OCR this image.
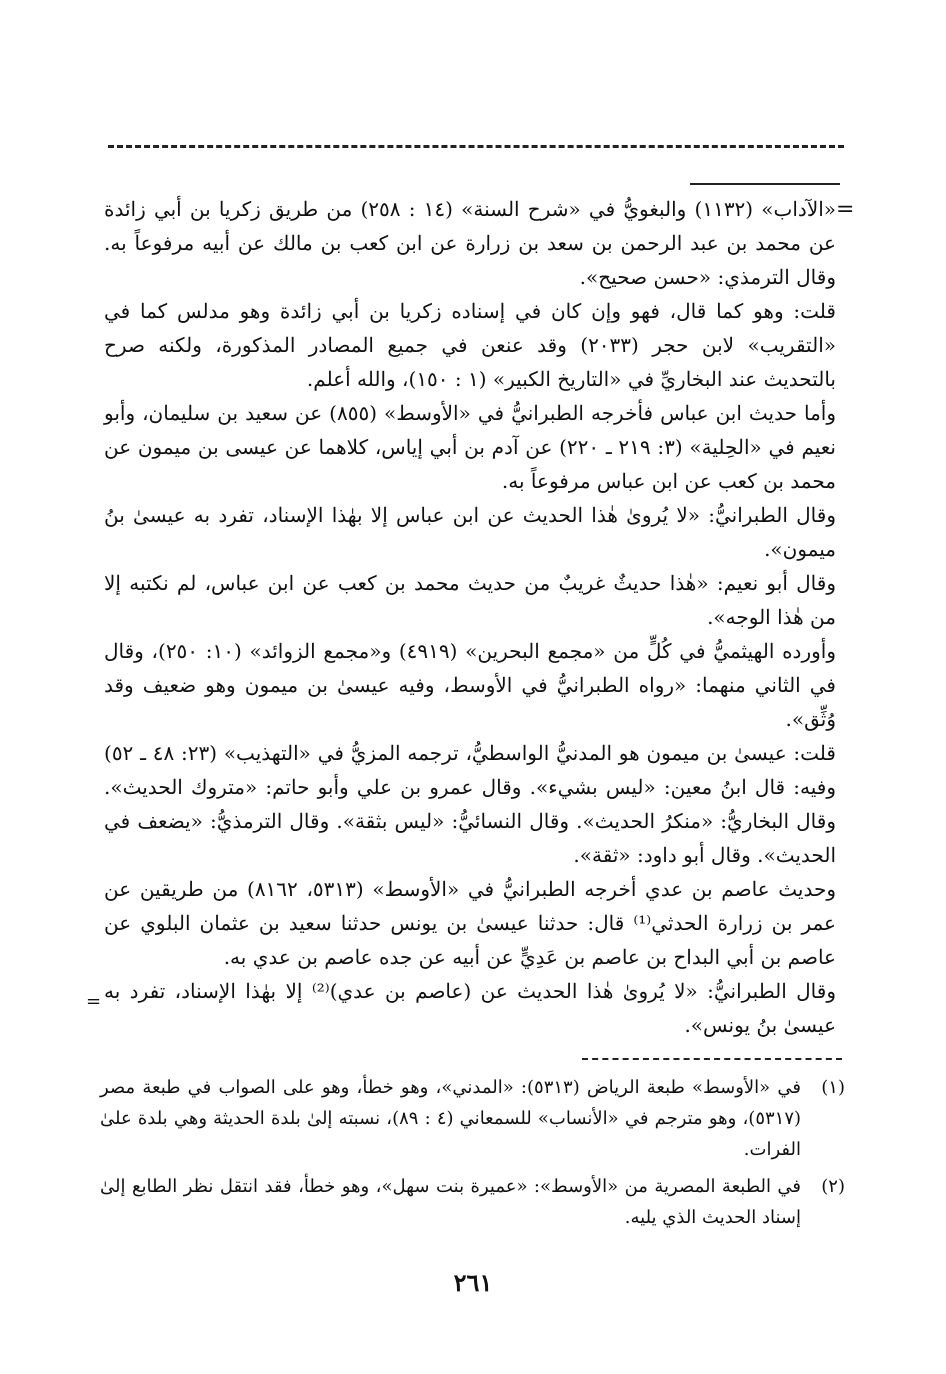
=
=

«الآداب» (١١٣٢) والبغويُّ في «شرح السنة» (١٤ : ٢٥٨) من طريق زكريا بن أبي زائدة عن محمد بن عبد الرحمن بن سعد بن زرارة عن ابن كعب بن مالك عن أبيه مرفوعاً به. وقال الترمذي: «حسن صحيح».

قلت: وهو كما قال، فهو وإن كان في إسناده زكريا بن أبي زائدة وهو مدلس كما في «التقريب» لابن حجر (٢٠٣٣) وقد عنعن في جميع المصادر المذكورة، ولكنه صرح بالتحديث عند البخاريِّ في «التاريخ الكبير» (١ : ١٥٠)، والله أعلم.

وأما حديث ابن عباس فأخرجه الطبرانيُّ في «الأوسط» (٨٥٥) عن سعيد بن سليمان، وأبو نعيم في «الحِلية» (٣: ٢١٩ ـ ٢٢٠) عن آدم بن أبي إياس، كلاهما عن عيسى بن ميمون عن محمد بن كعب عن ابن عباس مرفوعاً به.

وقال الطبرانيُّ: «لا يُروىٰ هٰذا الحديث عن ابن عباس إلا بهٰذا الإسناد، تفرد به عيسىٰ بنُ ميمون».

وقال أبو نعيم: «هٰذا حديثٌ غريبٌ من حديث محمد بن كعب عن ابن عباس، لم نكتبه إلا من هٰذا الوجه».

وأورده الهيثميُّ في كُلٍّ من «مجمع البحرين» (٤٩١٩) و«مجمع الزوائد» (١٠: ٢٥٠)، وقال في الثاني منهما: «رواه الطبرانيُّ في الأوسط، وفيه عيسىٰ بن ميمون وهو ضعيف وقد وُثِّق».

قلت: عيسىٰ بن ميمون هو المدنيُّ الواسطيُّ، ترجمه المزيُّ في «التهذيب» (٢٣: ٤٨ ـ ٥٢) وفيه: قال ابنُ معين: «ليس بشيء». وقال عمرو بن علي وأبو حاتم: «متروك الحديث». وقال البخاريُّ: «منكرُ الحديث». وقال النسائيُّ: «ليس بثقة». وقال الترمذيُّ: «يضعف في الحديث». وقال أبو داود: «ثقة».

وحديث عاصم بن عدي أخرجه الطبرانيُّ في «الأوسط» (٥٣١٣، ٨١٦٢) من طريقين عن عمر بن زرارة الحدثي⁽¹⁾ قال: حدثنا عيسىٰ بن يونس حدثنا سعيد بن عثمان البلوي عن عاصم بن أبي البداح بن عاصم بن عَدِيٍّ عن أبيه عن جده عاصم بن عدي به.

وقال الطبرانيُّ: «لا يُروىٰ هٰذا الحديث عن (عاصم بن عدي)⁽²⁾ إلا بهٰذا الإسناد، تفرد به عيسىٰ بنُ يونس».

(١)
في «الأوسط» طبعة الرياض (٥٣١٣): «المدني»، وهو خطأ، وهو على الصواب في طبعة مصر (٥٣١٧)، وهو مترجم في «الأنساب» للسمعاني (٤ : ٨٩)، نسبته إلىٰ بلدة الحديثة وهي بلدة علىٰ الفرات.
(٢)
في الطبعة المصرية من «الأوسط»: «عميرة بنت سهل»، وهو خطأ، فقد انتقل نظر الطابع إلىٰ إسناد الحديث الذي يليه.
٢٦١
